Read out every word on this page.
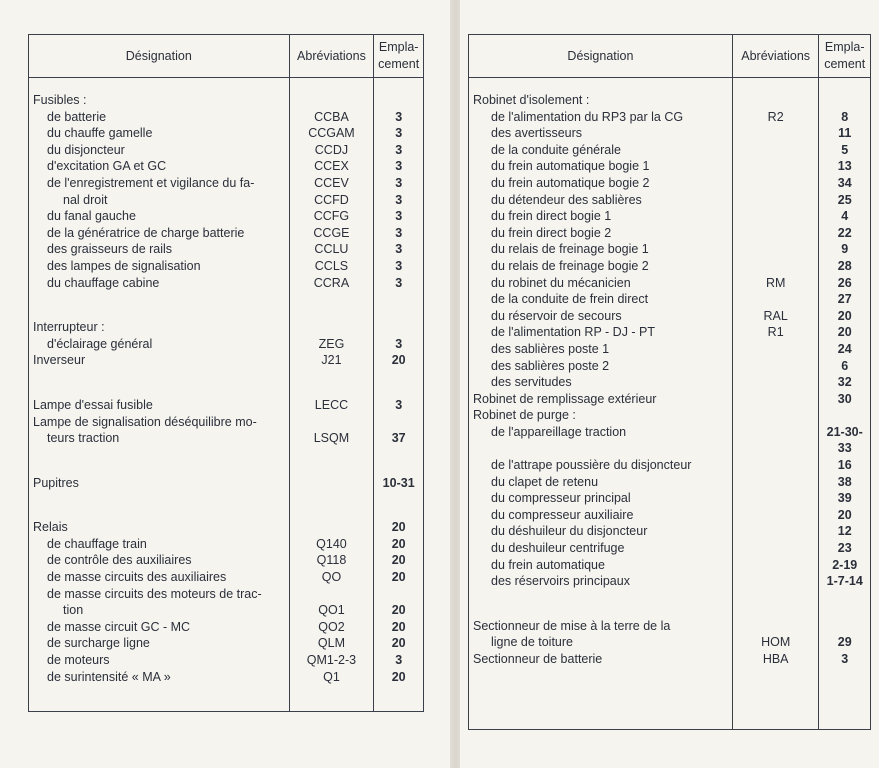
Désignation	Abréviations	Empla-
cement

Fusibles :		
de batterie	CCBA	3
du chauffe gamelle	CCGAM	3
du disjoncteur	CCDJ	3
d'excitation GA et GC	CCEX	3
de l'enregistrement et vigilance du fa-	CCEV	3
nal droit	CCFD	3
du fanal gauche	CCFG	3
de la génératrice de charge batterie	CCGE	3
des graisseurs de rails	CCLU	3
des lampes de signalisation	CCLS	3
du chauffage cabine	CCRA	3

Interrupteur :		
d'éclairage général	ZEG	3
Inverseur	J21	20

Lampe d'essai fusible	LECC	3
Lampe de signalisation déséquilibre mo-		
teurs traction	LSQM	37

Pupitres		10-31

Relais		20
de chauffage train	Q140	20
de contrôle des auxiliaires	Q118	20
de masse circuits des auxiliaires	QO	20
de masse circuits des moteurs de trac-		
tion	QO1	20
de masse circuit GC - MC	QO2	20
de surcharge ligne	QLM	20
de moteurs	QM1-2-3	3
de surintensité « MA »	Q1	20

Désignation	Abréviations	Empla-
cement

Robinet d'isolement :		
de l'alimentation du RP3 par la CG	R2	8
des avertisseurs		11
de la conduite générale		5
du frein automatique bogie 1		13
du frein automatique bogie 2		34
du détendeur des sablières		25
du frein direct bogie 1		4
du frein direct bogie 2		22
du relais de freinage bogie 1		9
du relais de freinage bogie 2		28
du robinet du mécanicien	RM	26
de la conduite de frein direct		27
du réservoir de secours	RAL	20
de l'alimentation RP - DJ - PT	R1	20
des sablières poste 1		24
des sablières poste 2		6
des servitudes		32
Robinet de remplissage extérieur		30
Robinet de purge :		
de l'appareillage traction		21-30-33
de l'attrape poussière du disjoncteur		16
du clapet de retenu		38
du compresseur principal		39
du compresseur auxiliaire		20
du déshuileur du disjoncteur		12
du deshuileur centrifuge		23
du frein automatique		2-19
des réservoirs principaux		1-7-14

Sectionneur de mise à la terre de la		
ligne de toiture	HOM	29
Sectionneur de batterie	HBA	3
